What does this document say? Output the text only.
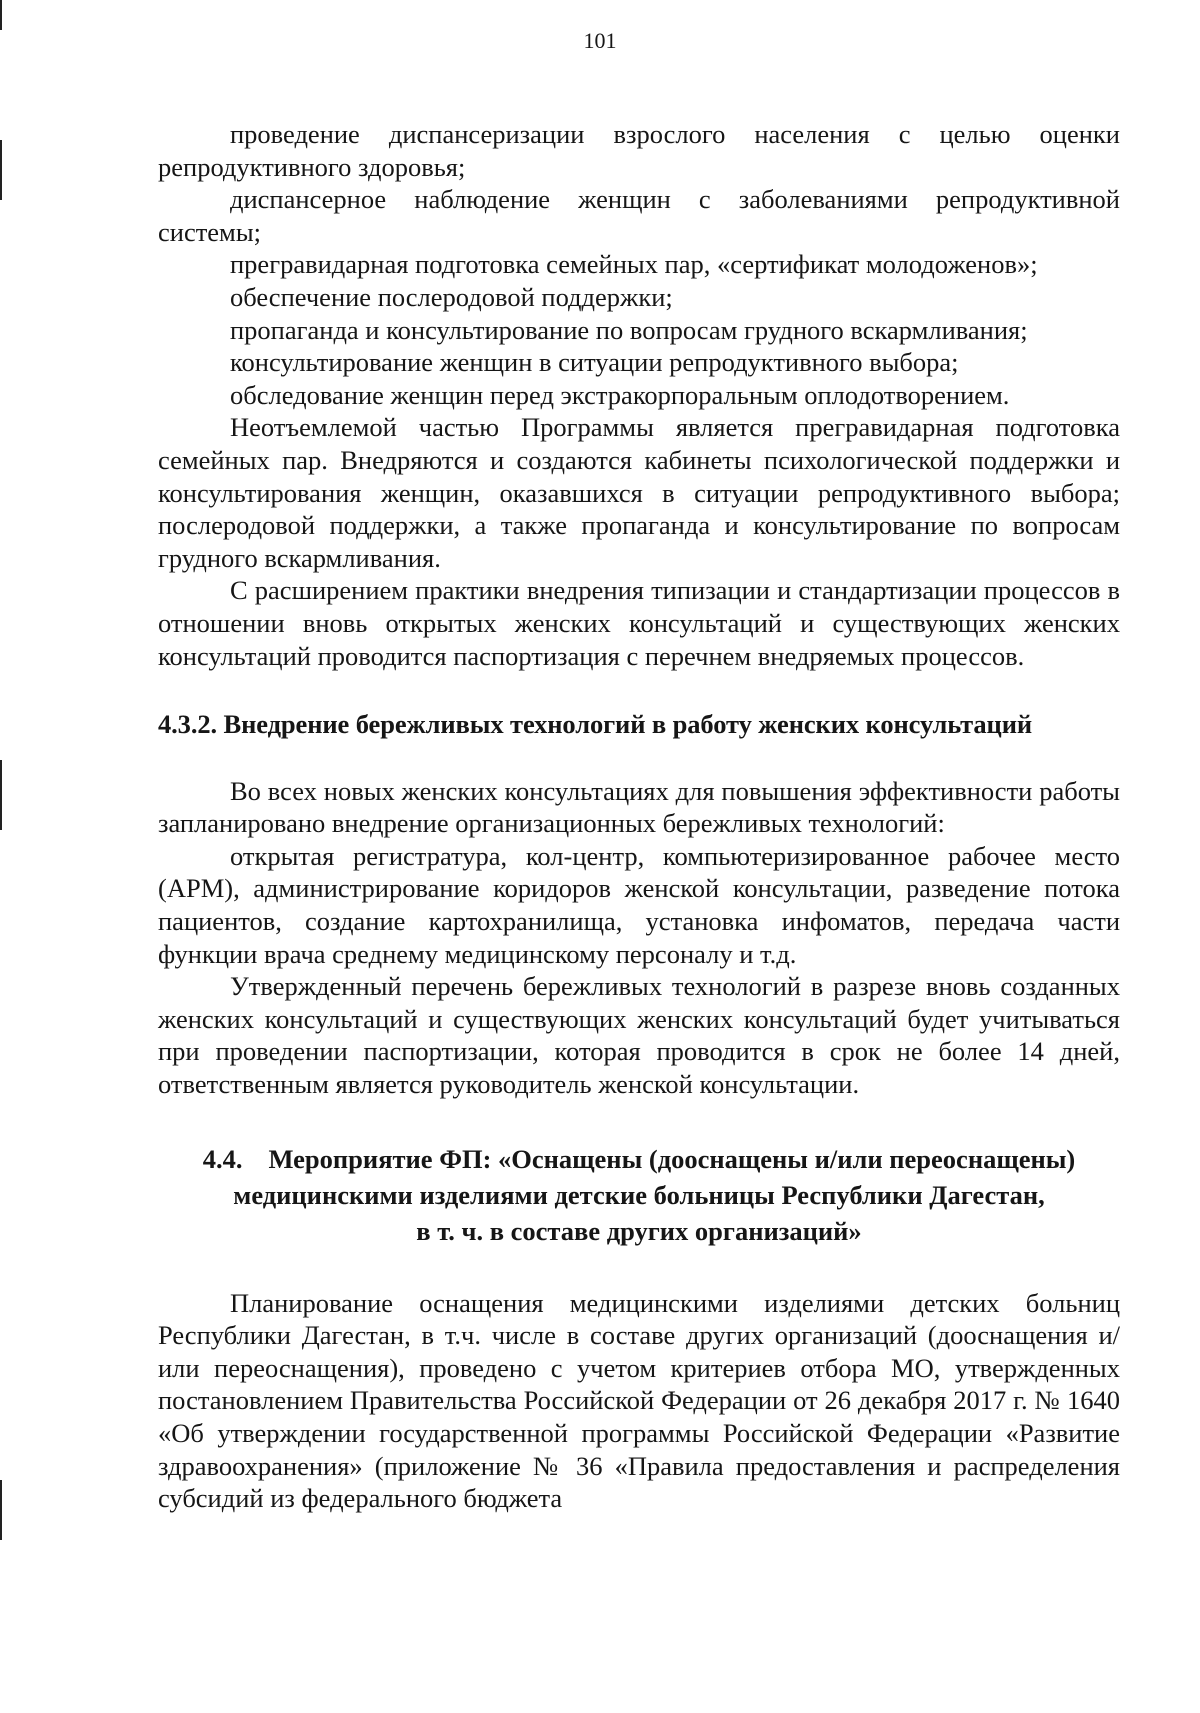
101

проведение диспансеризации взрослого населения с целью оценки репродуктивного здоровья;

диспансерное наблюдение женщин с заболеваниями репродуктивной системы;

прегравидарная подготовка семейных пар, «сертификат молодоженов»;

обеспечение послеродовой поддержки;

пропаганда и консультирование по вопросам грудного вскармливания;

консультирование женщин в ситуации репродуктивного выбора;

обследование женщин перед экстракорпоральным оплодотворением.

Неотъемлемой частью Программы является прегравидарная подготовка семейных пар. Внедряются и создаются кабинеты психологической поддержки и консультирования женщин, оказавшихся в ситуации репродуктивного выбора; послеродовой поддержки, а также пропаганда и консультирование по вопросам грудного вскармливания.

С расширением практики внедрения типизации и стандартизации процессов в отношении вновь открытых женских консультаций и существующих женских консультаций проводится паспортизация с перечнем внедряемых процессов.

4.3.2. Внедрение бережливых технологий в работу женских консультаций

Во всех новых женских консультациях для повышения эффективности работы запланировано внедрение организационных бережливых технологий:

открытая регистратура, кол-центр, компьютеризированное рабочее место (АРМ), администрирование коридоров женской консультации, разведение потока пациентов, создание картохранилища, установка инфоматов, передача части функции врача среднему медицинскому персоналу и т.д.

Утвержденный перечень бережливых технологий в разрезе вновь созданных женских консультаций и существующих женских консультаций будет учитываться при проведении паспортизации, которая проводится в срок не более 14 дней, ответственным является руководитель женской консультации.

4.4. Мероприятие ФП: «Оснащены (дооснащены и/или переоснащены)
медицинскими изделиями детские больницы Республики Дагестан,
в т. ч. в составе других организаций»

Планирование оснащения медицинскими изделиями детских больниц Республики Дагестан, в т.ч. числе в составе других организаций (дооснащения и/или переоснащения), проведено с учетом критериев отбора МО, утвержденных постановлением Правительства Российской Федерации от 26 декабря 2017 г. № 1640 «Об утверждении государственной программы Российской Федерации «Развитие здравоохранения» (приложение № 36 «Правила предоставления и распределения субсидий из федерального бюджета
